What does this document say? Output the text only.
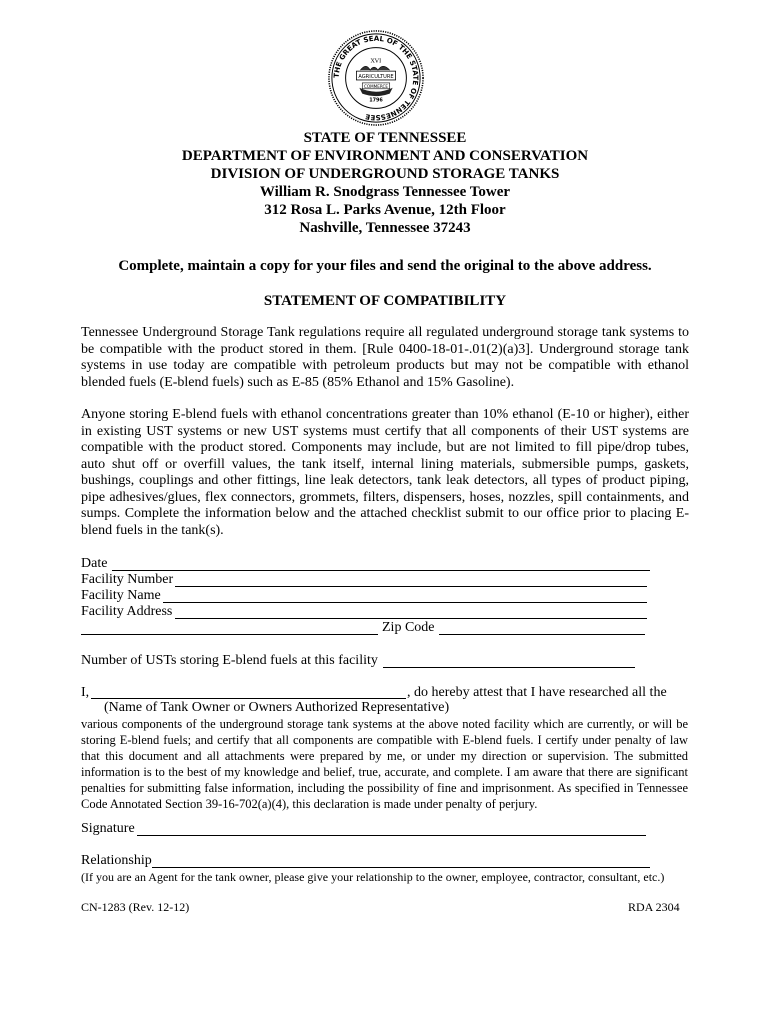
THE GREAT SEAL OF THE STATE OF TENNESSEE
XVI
AGRICULTURE
COMMERCE
1796
STATE OF TENNESSEE
DEPARTMENT OF ENVIRONMENT AND CONSERVATION
DIVISION OF UNDERGROUND STORAGE TANKS
William R. Snodgrass Tennessee Tower
312 Rosa L. Parks Avenue, 12th Floor
Nashville, Tennessee 37243
Complete, maintain a copy for your files and send the original to the above address.
STATEMENT OF COMPATIBILITY
Tennessee Underground Storage Tank regulations require all regulated underground storage tank systems to be compatible with the product stored in them. [Rule 0400-18-01-.01(2)(a)3]. Underground storage tank systems in use today are compatible with petroleum products but may not be compatible with ethanol blended fuels (E-blend fuels) such as E-85 (85% Ethanol and 15% Gasoline).
Anyone storing E-blend fuels with ethanol concentrations greater than 10% ethanol (E-10 or higher), either in existing UST systems or new UST systems must certify that all components of their UST systems are compatible with the product stored. Components may include, but are not limited to fill pipe/drop tubes, auto shut off or overfill values, the tank itself, internal lining materials, submersible pumps, gaskets, bushings, couplings and other fittings, line leak detectors, tank leak detectors, all types of product piping, pipe adhesives/glues, flex connectors, grommets, filters, dispensers, hoses, nozzles, spill containments, and sumps. Complete the information below and the attached checklist submit to our office prior to placing E-blend fuels in the tank(s).
Date
Facility Number
Facility Name
Facility Address
Zip Code
Number of USTs storing E-blend fuels at this facility
I,	, do hereby attest that I have researched all the
(Name of Tank Owner or Owners Authorized Representative)
various components of the underground storage tank systems at the above noted facility which are currently, or will be storing E-blend fuels; and certify that all components are compatible with E-blend fuels. I certify under penalty of law that this document and all attachments were prepared by me, or under my direction or supervision. The submitted information is to the best of my knowledge and belief, true, accurate, and complete. I am aware that there are significant penalties for submitting false information, including the possibility of fine and imprisonment. As specified in Tennessee Code Annotated Section 39-16-702(a)(4), this declaration is made under penalty of perjury.
Signature
Relationship
(If you are an Agent for the tank owner, please give your relationship to the owner, employee, contractor, consultant, etc.)
CN-1283 (Rev. 12-12)	RDA 2304
